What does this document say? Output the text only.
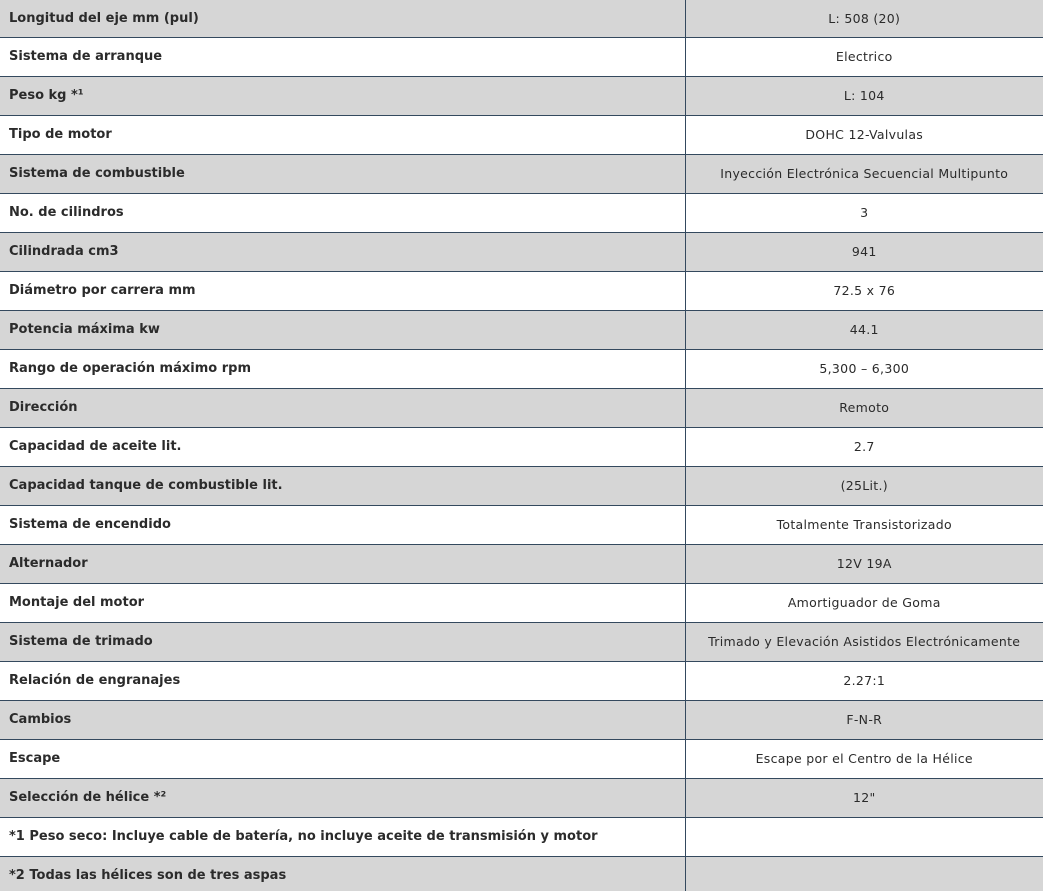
Longitud del eje mm (pul)	L: 508 (20)
Sistema de arranque	Electrico
Peso kg *¹	L: 104
Tipo de motor	DOHC 12-Valvulas
Sistema de combustible	Inyección Electrónica Secuencial Multipunto
No. de cilindros	3
Cilindrada cm3	941
Diámetro por carrera mm	72.5 x 76
Potencia máxima kw	44.1
Rango de operación máximo rpm	5,300 – 6,300
Dirección	Remoto
Capacidad de aceite lit.	2.7
Capacidad tanque de combustible lit.	(25Lit.)
Sistema de encendido	Totalmente Transistorizado
Alternador	12V 19A
Montaje del motor	Amortiguador de Goma
Sistema de trimado	Trimado y Elevación Asistidos Electrónicamente
Relación de engranajes	2.27:1
Cambios	F-N-R
Escape	Escape por el Centro de la Hélice
Selección de hélice *²	12"
*1 Peso seco: Incluye cable de batería, no incluye aceite de transmisión y motor	
*2 Todas las hélices son de tres aspas	
